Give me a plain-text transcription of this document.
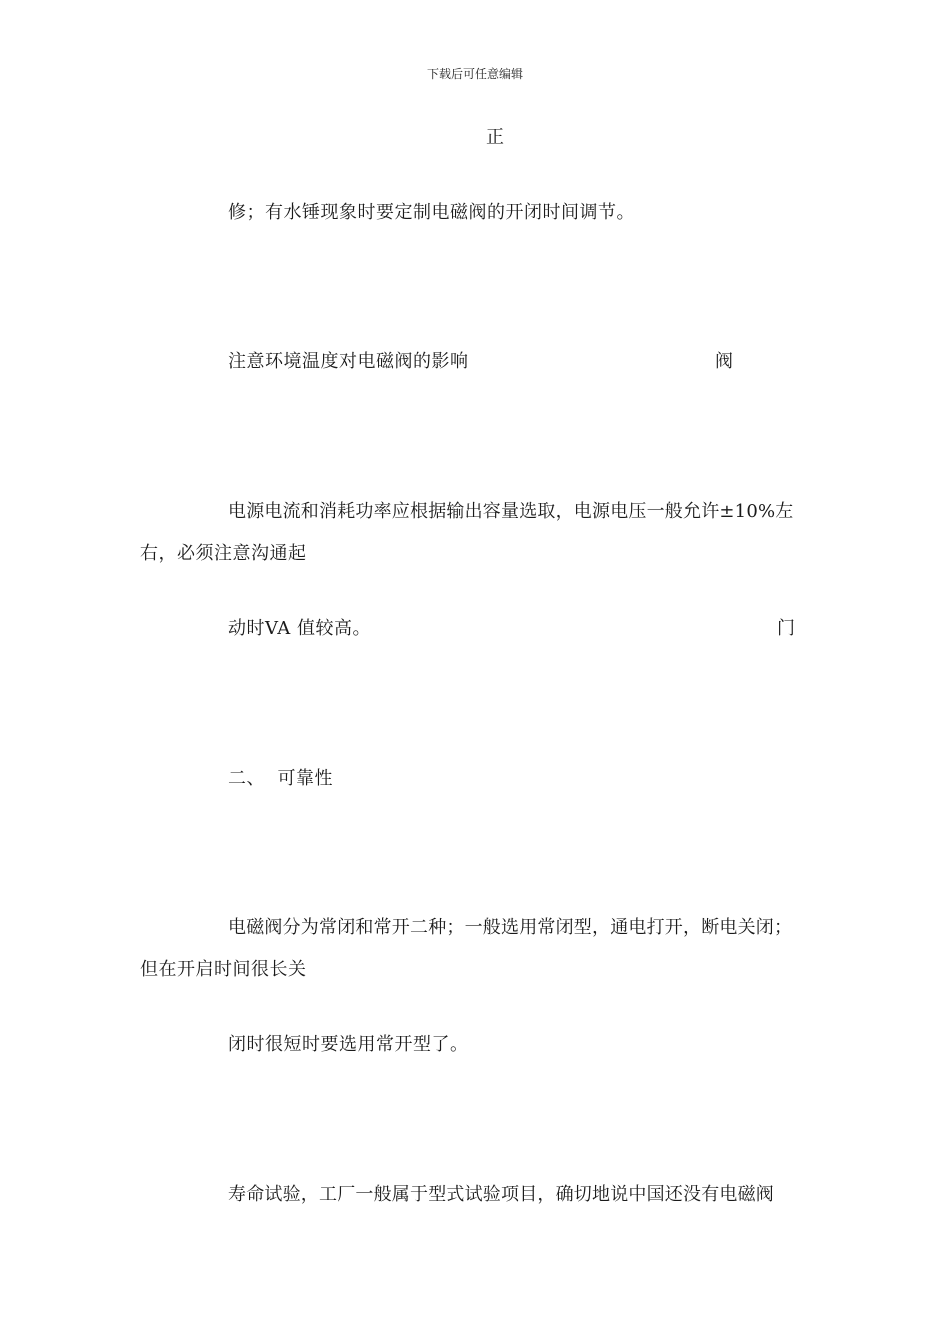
下载后可任意编辑
正
修；有水锤现象时要定制电磁阀的开闭时间调节。
注意环境温度对电磁阀的影响	阀
电源电流和消耗功率应根据输出容量选取，电源电压一般允许±10%左
右，必须注意沟通起
动时VA 值较高。	门
二、  可靠性
电磁阀分为常闭和常开二种；一般选用常闭型，通电打开，断电关闭；
但在开启时间很长关
闭时很短时要选用常开型了。
寿命试验，工厂一般属于型式试验项目，确切地说中国还没有电磁阀
